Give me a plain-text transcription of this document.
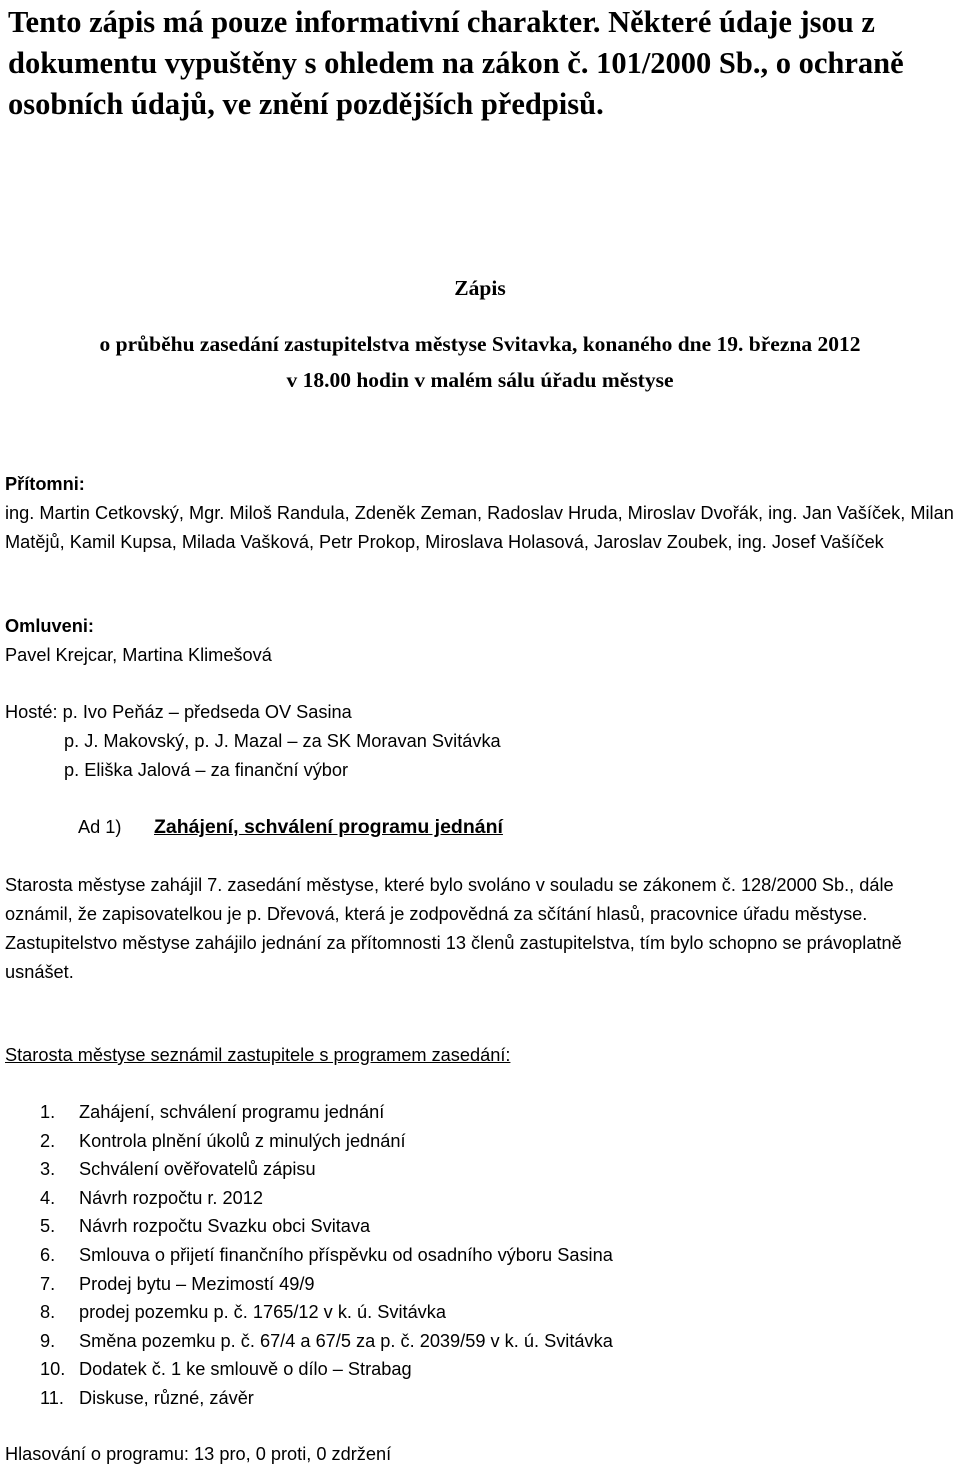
Tento zápis má pouze informativní charakter. Některé údaje jsou z dokumentu vypuštěny s ohledem na zákon č. 101/2000 Sb., o ochraně osobních údajů, ve znění pozdějších předpisů.

Zápis

o průběhu zasedání zastupitelstva městyse Svitavka, konaného dne 19. března 2012
v 18.00 hodin v malém sálu úřadu městyse

Přítomni:

ing. Martin Cetkovský, Mgr. Miloš Randula, Zdeněk Zeman, Radoslav Hruda, Miroslav Dvořák, ing. Jan Vašíček, Milan Matějů, Kamil Kupsa, Milada Vašková, Petr Prokop, Miroslava Holasová, Jaroslav Zoubek, ing. Josef Vašíček

Omluveni:

Pavel Krejcar, Martina Klimešová

Hosté: p. Ivo Peňáz – předseda OV Sasina

p. J. Makovský, p. J. Mazal – za SK Moravan Svitávka

p. Eliška Jalová – za finanční výbor

Ad 1) Zahájení, schválení programu jednání

Starosta městyse zahájil 7. zasedání městyse, které bylo svoláno v souladu se zákonem č. 128/2000 Sb., dále oznámil, že zapisovatelkou je p. Dřevová, která je zodpovědná za sčítání hlasů, pracovnice úřadu městyse. Zastupitelstvo městyse zahájilo jednání za přítomnosti 13 členů zastupitelstva, tím bylo schopno se právoplatně usnášet.

Starosta městyse seznámil zastupitele s programem zasedání:

1.	Zahájení, schválení programu jednání
2.	Kontrola plnění úkolů z minulých jednání
3.	Schválení ověřovatelů zápisu
4.	Návrh rozpočtu r. 2012
5.	Návrh rozpočtu Svazku obci Svitava
6.	Smlouva o přijetí finančního příspěvku od osadního výboru Sasina
7.	Prodej bytu – Mezimostí 49/9
8.	prodej pozemku p. č. 1765/12 v k. ú. Svitávka
9.	Směna pozemku p. č. 67/4 a 67/5 za p. č. 2039/59 v k. ú. Svitávka
10. Dodatek č. 1 ke smlouvě o dílo – Strabag
11. Diskuse, různé, závěr

Hlasování o programu: 13 pro, 0 proti, 0 zdržení
